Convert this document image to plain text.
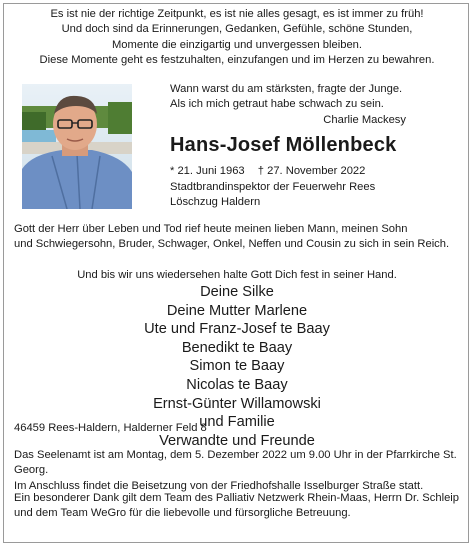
Es ist nie der richtige Zeitpunkt, es ist nie alles gesagt, es ist immer zu früh!
Und doch sind da Erinnerungen, Gedanken, Gefühle, schöne Stunden,
Momente die einzigartig und unvergessen bleiben.
Diese Momente geht es festzuhalten, einzufangen und im Herzen zu bewahren.
Wann warst du am stärksten, fragte der Junge.
Als ich mich getraut habe schwach zu sein.
Charlie Mackesy
Hans-Josef Möllenbeck
* 21. Juni 1963 † 27. November 2022
Stadtbrandinspektor der Feuerwehr Rees
Löschzug Haldern
Gott der Herr über Leben und Tod rief heute meinen lieben Mann, meinen Sohn
und Schwiegersohn, Bruder, Schwager, Onkel, Neffen und Cousin zu sich in sein Reich.
Und bis wir uns wiedersehen halte Gott Dich fest in seiner Hand.
Deine Silke
Deine Mutter Marlene
Ute und Franz-Josef te Baay
Benedikt te Baay
Simon te Baay
Nicolas te Baay
Ernst-Günter Willamowski
und Familie
Verwandte und Freunde
46459 Rees-Haldern, Halderner Feld 8
Das Seelenamt ist am Montag, dem 5. Dezember 2022 um 9.00 Uhr in der Pfarrkirche St. Georg.
Im Anschluss findet die Beisetzung von der Friedhofshalle Isselburger Straße statt.
Ein besonderer Dank gilt dem Team des Palliativ Netzwerk Rhein-Maas, Herrn Dr. Schleip
und dem Team WeGro für die liebevolle und fürsorgliche Betreuung.
